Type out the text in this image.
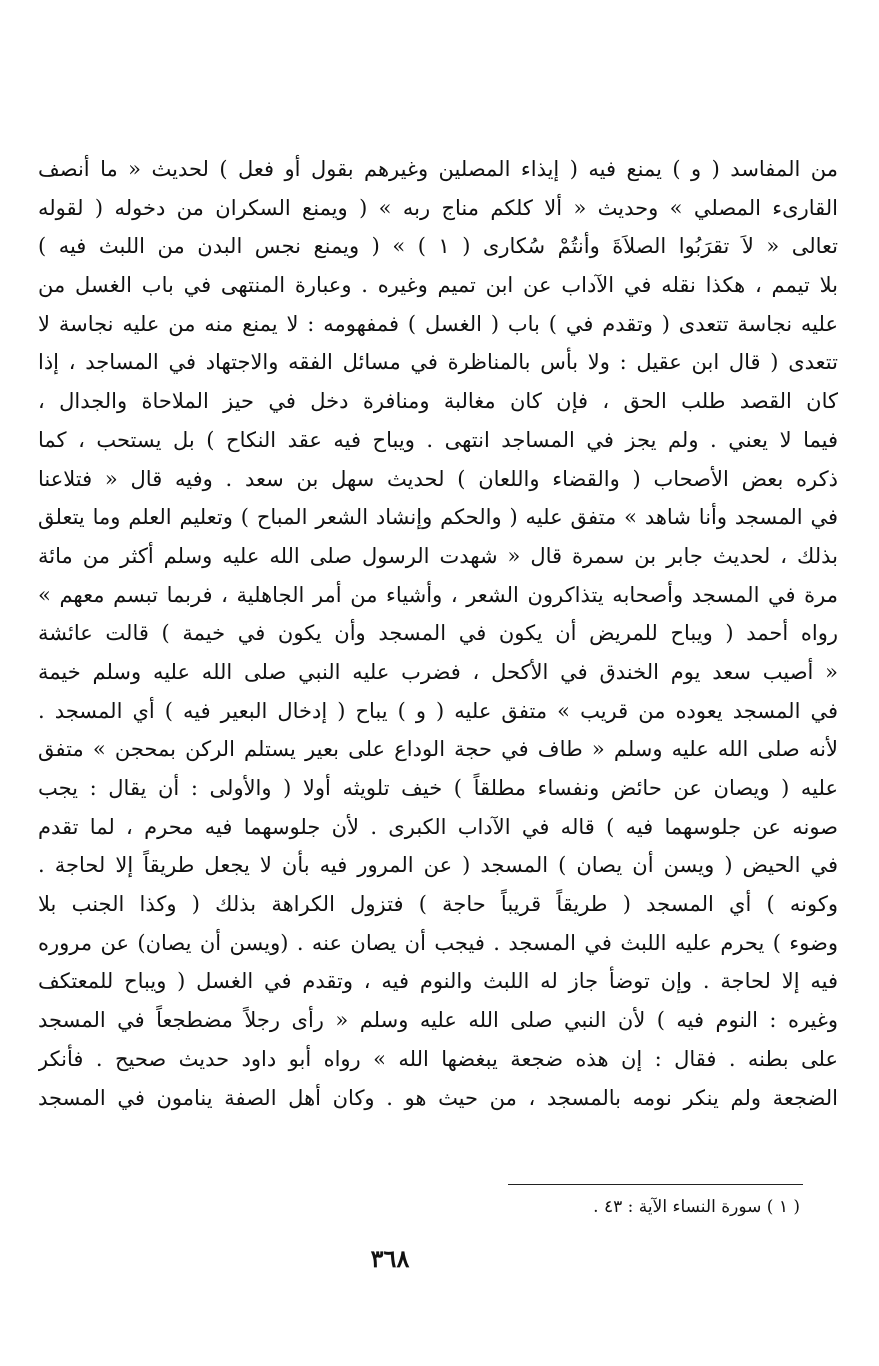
من المفاسد ( و ) يمنع فيه ( إيذاء المصلين وغيرهم بقول أو فعل ) لحديث « ما أنصف
القارىء المصلي » وحديث « ألا كلكم مناج ربه » ( ويمنع السكران من دخوله ( لقوله
تعالى « لاَ تقرَبُوا الصلاَةَ وأنتُمْ سُكارى ( ١ ) » ( ويمنع نجس البدن من اللبث فيه )
بلا تيمم ، هكذا نقله في الآداب عن ابن تميم وغيره . وعبارة المنتهى في باب الغسل من
عليه نجاسة تتعدى ( وتقدم في ) باب ( الغسل ) فمفهومه : لا يمنع منه من عليه نجاسة لا
تتعدى ( قال ابن عقيل : ولا بأس بالمناظرة في مسائل الفقه والاجتهاد في المساجد ، إذا
كان القصد طلب الحق ، فإن كان مغالبة ومنافرة دخل في حيز الملاحاة والجدال ،
فيما لا يعني . ولم يجز في المساجد انتهى . ويباح فيه عقد النكاح ) بل يستحب ، كما
ذكره بعض الأصحاب ( والقضاء واللعان ) لحديث سهل بن سعد . وفيه قال « فتلاعنا
في المسجد وأنا شاهد » متفق عليه ( والحكم وإنشاد الشعر المباح ) وتعليم العلم وما يتعلق
بذلك ، لحديث جابر بن سمرة قال « شهدت الرسول صلى الله عليه وسلم أكثر من مائة
مرة في المسجد وأصحابه يتذاكرون الشعر ، وأشياء من أمر الجاهلية ، فربما تبسم معهم »
رواه أحمد ( ويباح للمريض أن يكون في المسجد وأن يكون في خيمة ) قالت عائشة
« أصيب سعد يوم الخندق في الأكحل ، فضرب عليه النبي صلى الله عليه وسلم خيمة
في المسجد يعوده من قريب » متفق عليه ( و ) يباح ( إدخال البعير فيه ) أي المسجد .
لأنه صلى الله عليه وسلم « طاف في حجة الوداع على بعير يستلم الركن بمحجن » متفق
عليه ( ويصان عن حائض ونفساء مطلقاً ) خيف تلويثه أولا ( والأولى : أن يقال : يجب
صونه عن جلوسهما فيه ) قاله في الآداب الكبرى . لأن جلوسهما فيه محرم ، لما تقدم
في الحيض ( ويسن أن يصان ) المسجد ( عن المرور فيه بأن لا يجعل طريقاً إلا لحاجة .
وكونه ) أي المسجد ( طريقاً قريباً حاجة ) فتزول الكراهة بذلك ( وكذا الجنب بلا
وضوء ) يحرم عليه اللبث في المسجد . فيجب أن يصان عنه . (ويسن أن يصان) عن مروره
فيه إلا لحاجة . وإن توضأ جاز له اللبث والنوم فيه ، وتقدم في الغسل ( ويباح للمعتكف
وغيره : النوم فيه ) لأن النبي صلى الله عليه وسلم « رأى رجلاً مضطجعاً في المسجد
على بطنه . فقال : إن هذه ضجعة يبغضها الله » رواه أبو داود حديث صحيح . فأنكر
الضجعة ولم ينكر نومه بالمسجد ، من حيث هو . وكان أهل الصفة ينامون في المسجد
( ١ ) سورة النساء الآية : ٤٣ .
٣٦٨
